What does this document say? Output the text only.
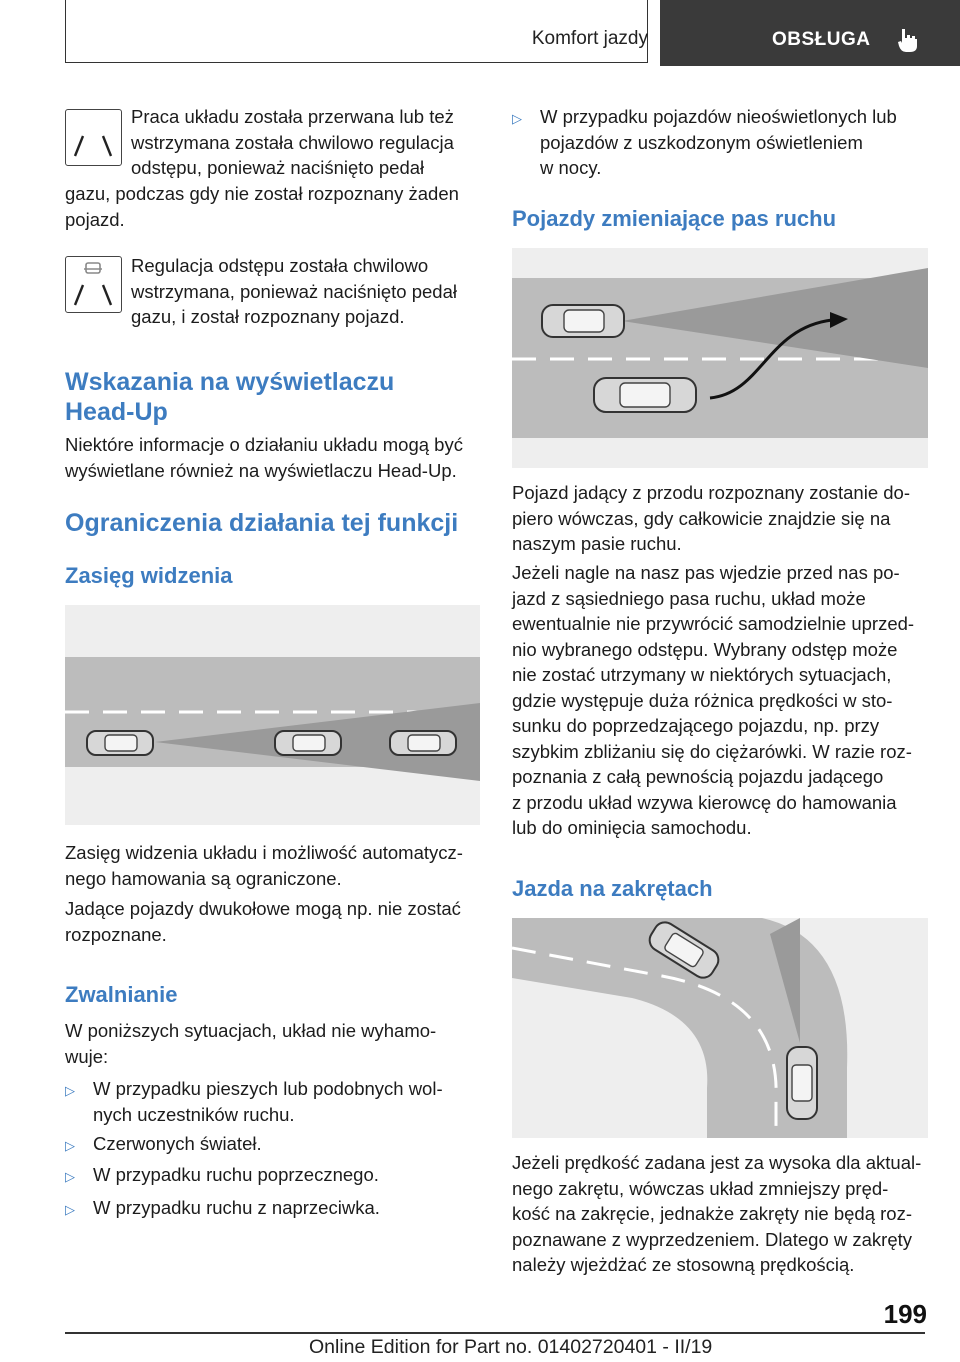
Komfort jazdy	OBSŁUGA
Praca układu została przerwana lub też
wstrzymana została chwilowo regulacja
odstępu, ponieważ naciśnięto pedał
gazu, podczas gdy nie został rozpoznany żaden
pojazd.
Regulacja odstępu została chwilowo
wstrzymana, ponieważ naciśnięto pedał
gazu, i został rozpoznany pojazd.
Wskazania na wyświetlaczu
Head-Up
Niektóre informacje o działaniu układu mogą być
wyświetlane również na wyświetlaczu Head-Up.
Ograniczenia działania tej funkcji
Zasięg widzenia
Zasięg widzenia układu i możliwość automatycz-
nego hamowania są ograniczone.
Jadące pojazdy dwukołowe mogą np. nie zostać
rozpoznane.
Zwalnianie
W poniższych sytuacjach, układ nie wyhamo-
wuje:
▷ W przypadku pieszych lub podobnych wol-
nych uczestników ruchu.
▷ Czerwonych świateł.
▷ W przypadku ruchu poprzecznego.
▷ W przypadku ruchu z naprzeciwka.
▷ W przypadku pojazdów nieoświetlonych lub
pojazdów z uszkodzonym oświetleniem
w nocy.
Pojazdy zmieniające pas ruchu
Pojazd jadący z przodu rozpoznany zostanie do-
piero wówczas, gdy całkowicie znajdzie się na
naszym pasie ruchu.
Jeżeli nagle na nasz pas wjedzie przed nas po-
jazd z sąsiedniego pasa ruchu, układ może
ewentualnie nie przywrócić samodzielnie uprzed-
nio wybranego odstępu. Wybrany odstęp może
nie zostać utrzymany w niektórych sytuacjach,
gdzie występuje duża różnica prędkości w sto-
sunku do poprzedzającego pojazdu, np. przy
szybkim zbliżaniu się do ciężarówki. W razie roz-
poznania z całą pewnością pojazdu jadącego
z przodu układ wzywa kierowcę do hamowania
lub do ominięcia samochodu.
Jazda na zakrętach
Jeżeli prędkość zadana jest za wysoka dla aktual-
nego zakrętu, wówczas układ zmniejszy pręd-
kość na zakręcie, jednakże zakręty nie będą roz-
poznawane z wyprzedzeniem. Dlatego w zakręty
należy wjeżdżać ze stosowną prędkością.
199
Online Edition for Part no. 01402720401 - II/19
